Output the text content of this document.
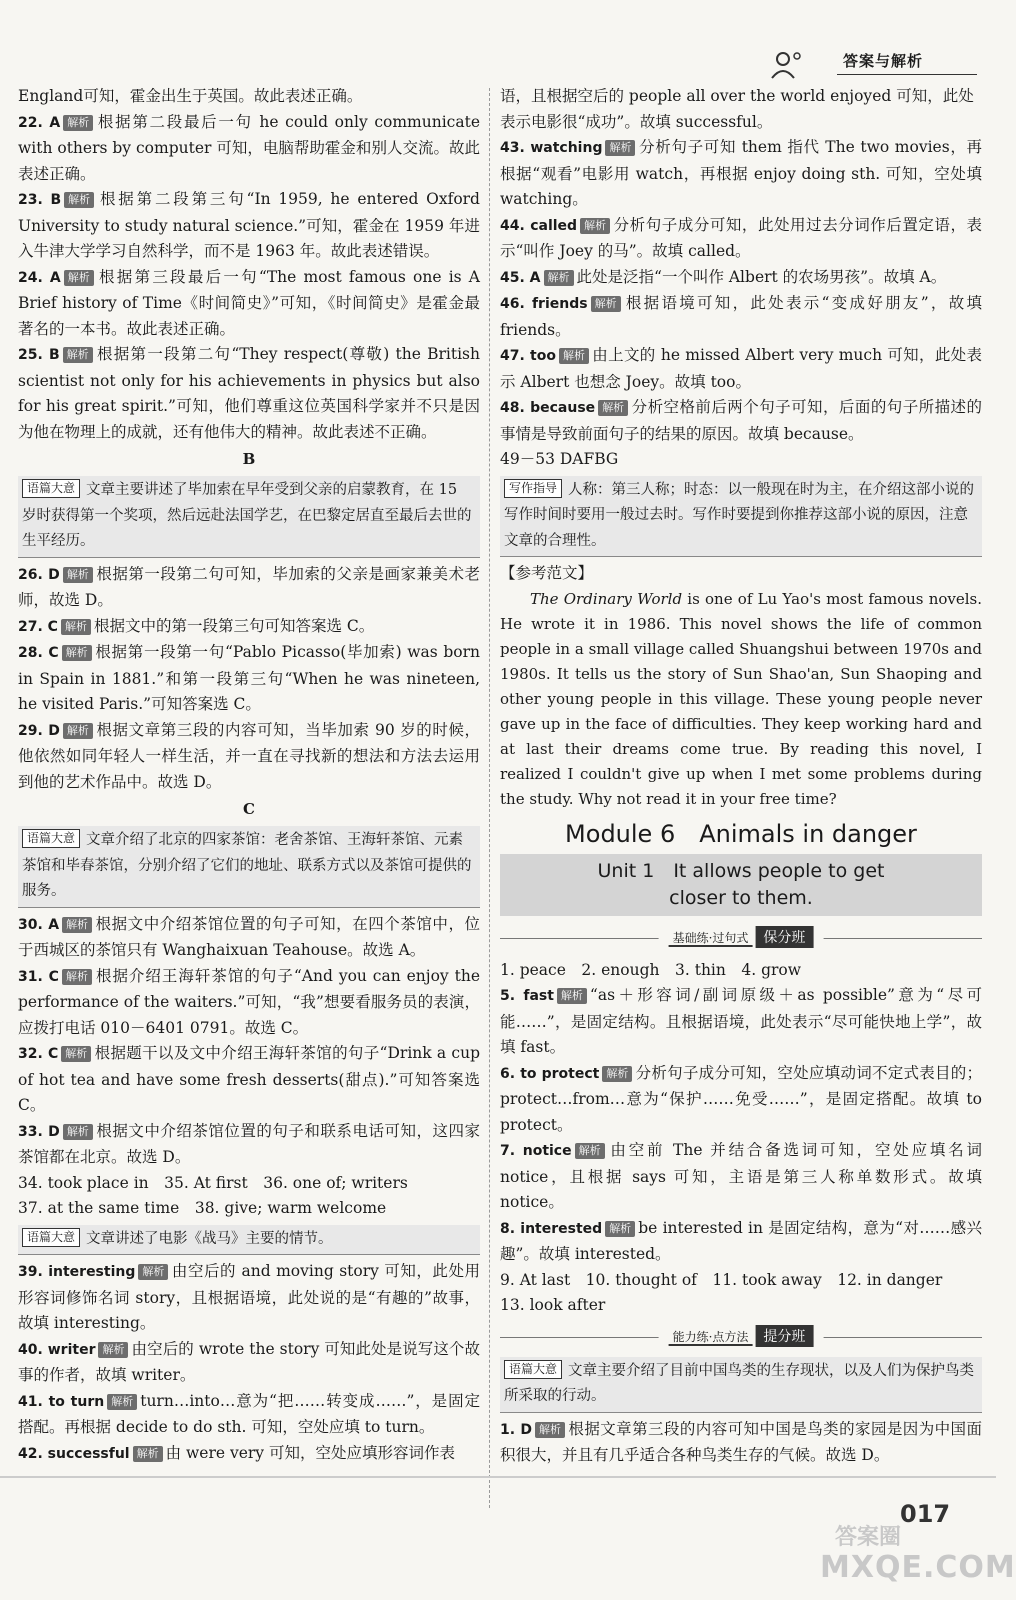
答案与解析
England可知，霍金出生于英国。故此表述正确。
22. A 解析 根据第二段最后一句 he could only communicate with others by computer 可知，电脑帮助霍金和别人交流。故此表述正确。
23. B 解析 根据第二段第三句“In 1959, he entered Oxford University to study natural science.”可知，霍金在 1959 年进入牛津大学学习自然科学，而不是 1963 年。故此表述错误。
24. A 解析 根据第三段最后一句“The most famous one is A Brief history of Time《时间简史》”可知，《时间简史》是霍金最著名的一本书。故此表述正确。
25. B 解析 根据第一段第二句“They respect(尊敬) the British scientist not only for his achievements in physics but also for his great spirit.”可知，他们尊重这位英国科学家并不只是因为他在物理上的成就，还有他伟大的精神。故此表述不正确。
B
语篇大意 文章主要讲述了毕加索在早年受到父亲的启蒙教育，在 15 岁时获得第一个奖项，然后远赴法国学艺，在巴黎定居直至最后去世的生平经历。
26. D 解析 根据第一段第二句可知，毕加索的父亲是画家兼美术老师，故选 D。
27. C 解析 根据文中的第一段第三句可知答案选 C。
28. C 解析 根据第一段第一句“Pablo Picasso(毕加索) was born in Spain in 1881.”和第一段第三句“When he was nineteen, he visited Paris.”可知答案选 C。
29. D 解析 根据文章第三段的内容可知，当毕加索 90 岁的时候，他依然如同年轻人一样生活，并一直在寻找新的想法和方法去运用到他的艺术作品中。故选 D。
C
语篇大意 文章介绍了北京的四家茶馆：老舍茶馆、王海轩茶馆、元素茶馆和毕春茶馆，分别介绍了它们的地址、联系方式以及茶馆可提供的服务。
30. A 解析 根据文中介绍茶馆位置的句子可知，在四个茶馆中，位于西城区的茶馆只有 Wanghaixuan Teahouse。故选 A。
31. C 解析 根据介绍王海轩茶馆的句子“And you can enjoy the performance of the waiters.”可知，“我”想要看服务员的表演，应拨打电话 010－6401 0791。故选 C。
32. C 解析 根据题干以及文中介绍王海轩茶馆的句子“Drink a cup of hot tea and have some fresh desserts(甜点).”可知答案选 C。
33. D 解析 根据文中介绍茶馆位置的句子和联系电话可知，这四家茶馆都在北京。故选 D。
34. took place in　35. At first　36. one of; writers
37. at the same time　38. give; warm welcome
语篇大意 文章讲述了电影《战马》主要的情节。
39. interesting 解析 由空后的 and moving story 可知，此处用形容词修饰名词 story，且根据语境，此处说的是“有趣的”故事，故填 interesting。
40. writer 解析 由空后的 wrote the story 可知此处是说写这个故事的作者，故填 writer。
41. to turn 解析 turn…into…意为“把……转变成……”，是固定搭配。再根据 decide to do sth. 可知，空处应填 to turn。
42. successful 解析 由 were very 可知，空处应填形容词作表
语，且根据空后的 people all over the world enjoyed 可知，此处表示电影很“成功”。故填 successful。
43. watching 解析 分析句子可知 them 指代 The two movies，再根据“观看”电影用 watch，再根据 enjoy doing sth. 可知，空处填 watching。
44. called 解析 分析句子成分可知，此处用过去分词作后置定语，表示“叫作 Joey 的马”。故填 called。
45. A 解析 此处是泛指“一个叫作 Albert 的农场男孩”。故填 A。
46. friends 解析 根据语境可知，此处表示“变成好朋友”，故填 friends。
47. too 解析 由上文的 he missed Albert very much 可知，此处表示 Albert 也想念 Joey。故填 too。
48. because 解析 分析空格前后两个句子可知，后面的句子所描述的事情是导致前面句子的结果的原因。故填 because。
49－53 DAFBG
写作指导 人称：第三人称；时态：以一般现在时为主，在介绍这部小说的写作时间时要用一般过去时。写作时要提到你推荐这部小说的原因，注意文章的合理性。
【参考范文】
The Ordinary World is one of Lu Yao's most famous novels. He wrote it in 1986. This novel shows the life of common people in a small village called Shuangshui between 1970s and 1980s. It tells us the story of Sun Shao'an, Sun Shaoping and other young people in this village. These young people never gave up in the face of difficulties. They keep working hard and at last their dreams come true. By reading this novel, I realized I couldn't give up when I met some problems during the study. Why not read it in your free time?
Module 6　Animals in danger
Unit 1　It allows people to get
closer to them.
基础练·过句式 保分班
1. peace　2. enough　3. thin　4. grow
5. fast 解析 “as＋形容词/副词原级＋as possible”意为“尽可能……”，是固定结构。且根据语境，此处表示“尽可能快地上学”，故填 fast。
6. to protect 解析 分析句子成分可知，空处应填动词不定式表目的；protect…from…意为“保护……免受……”，是固定搭配。故填 to protect。
7. notice 解析 由空前 The 并结合备选词可知，空处应填名词 notice，且根据 says 可知，主语是第三人称单数形式。故填 notice。
8. interested 解析 be interested in 是固定结构，意为“对……感兴趣”。故填 interested。
9. At last　10. thought of　11. took away　12. in danger
13. look after
能力练·点方法 提分班
语篇大意 文章主要介绍了目前中国鸟类的生存现状，以及人们为保护鸟类所采取的行动。
1. D 解析 根据文章第三段的内容可知中国是鸟类的家园是因为中国面积很大，并且有几乎适合各种鸟类生存的气候。故选 D。
017
答案圈
MXQE.COM
